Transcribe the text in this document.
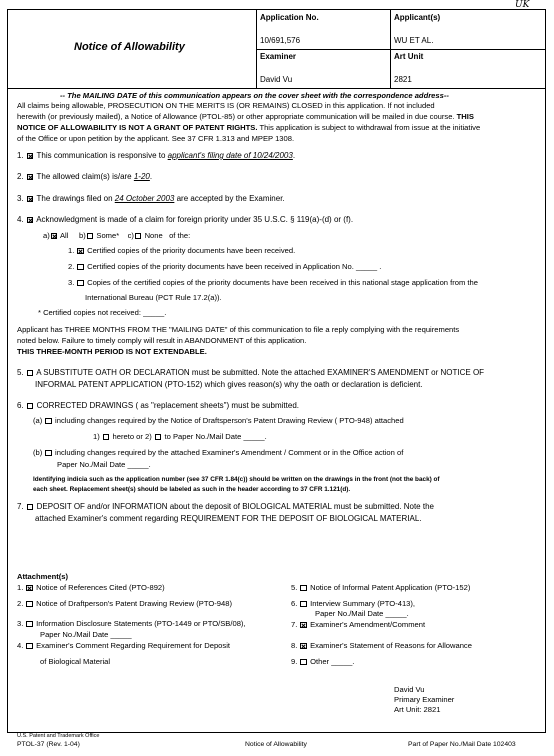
UK
Notice of Allowability
Application No.
10/691,576
Applicant(s)
WU ET AL.
Examiner
David Vu
Art Unit
2821
-- The MAILING DATE of this communication appears on the cover sheet with the correspondence address--
All claims being allowable, PROSECUTION ON THE MERITS IS (OR REMAINS) CLOSED in this application. If not included
herewith (or previously mailed), a Notice of Allowance (PTOL-85) or other appropriate communication will be mailed in due course. THIS
NOTICE OF ALLOWABILITY IS NOT A GRANT OF PATENT RIGHTS. This application is subject to withdrawal from issue at the initiative
of the Office or upon petition by the applicant. See 37 CFR 1.313 and MPEP 1308.
1. This communication is responsive to applicant's filing date of 10/24/2003.
2. The allowed claim(s) is/are 1-20.
3. The drawings filed on 24 October 2003 are accepted by the Examiner.
4. Acknowledgment is made of a claim for foreign priority under 35 U.S.C. § 119(a)-(d) or (f).
a) All b) Some* c) None of the:
1. Certified copies of the priority documents have been received.
2. Certified copies of the priority documents have been received in Application No. _____ .
3. Copies of the certified copies of the priority documents have been received in this national stage application from the
International Bureau (PCT Rule 17.2(a)).
* Certified copies not received: _____.
Applicant has THREE MONTHS FROM THE "MAILING DATE" of this communication to file a reply complying with the requirements
noted below. Failure to timely comply will result in ABANDONMENT of this application.
THIS THREE-MONTH PERIOD IS NOT EXTENDABLE.
5. A SUBSTITUTE OATH OR DECLARATION must be submitted. Note the attached EXAMINER'S AMENDMENT or NOTICE OF
INFORMAL PATENT APPLICATION (PTO-152) which gives reason(s) why the oath or declaration is deficient.
6. CORRECTED DRAWINGS ( as "replacement sheets") must be submitted.
(a) including changes required by the Notice of Draftsperson's Patent Drawing Review ( PTO-948) attached
1) hereto or 2) to Paper No./Mail Date _____.
(b) including changes required by the attached Examiner's Amendment / Comment or in the Office action of
Paper No./Mail Date _____.
Identifying indicia such as the application number (see 37 CFR 1.84(c)) should be written on the drawings in the front (not the back) of
each sheet. Replacement sheet(s) should be labeled as such in the header according to 37 CFR 1.121(d).
7. DEPOSIT OF and/or INFORMATION about the deposit of BIOLOGICAL MATERIAL must be submitted. Note the
attached Examiner's comment regarding REQUIREMENT FOR THE DEPOSIT OF BIOLOGICAL MATERIAL.
Attachment(s)
1. Notice of References Cited (PTO-892)
2. Notice of Draftperson's Patent Drawing Review (PTO-948)
3. Information Disclosure Statements (PTO-1449 or PTO/SB/08),
Paper No./Mail Date _____
4. Examiner's Comment Regarding Requirement for Deposit
of Biological Material
5. Notice of Informal Patent Application (PTO-152)
6. Interview Summary (PTO-413),
Paper No./Mail Date _____.
7. Examiner's Amendment/Comment
8. Examiner's Statement of Reasons for Allowance
9. Other _____.
David Vu
Primary Examiner
Art Unit: 2821
U.S. Patent and Trademark Office
PTOL-37 (Rev. 1-04)	Notice of Allowability	Part of Paper No./Mail Date 102403
